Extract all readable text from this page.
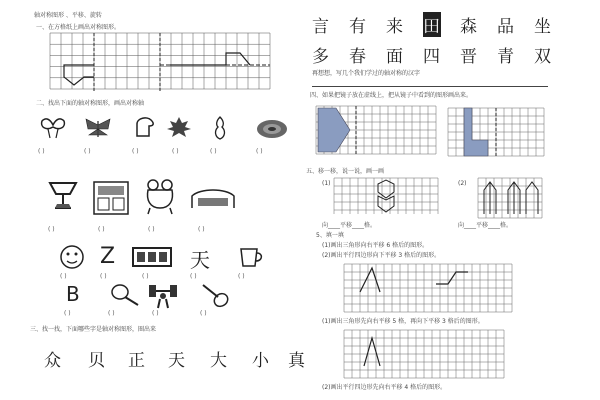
轴对称图形 、平移、旋转
一、在方格纸上画出对称图形。
二、找出下面的轴对称图形，画出对称轴
( )	( )	( )	( )	( )	( )
( )	( )	( )	( )
Z	天
( )	( )	( )	( )	( )
B
( )	( )	( )	( )
三、找一找，下面哪些字是轴对称图形，圈出来
众 贝 正 天 大 小 真
言 有 来 田 森 品 坐
多 春 面 四 晋 青 双
再想想，写几个我们学过的轴对称的汉字
四、如果把镜子放在虚线上，把从镜子中看到的图形画出来。
五、移一移，说一说，画一画
(1)	(2)
向____平移____格。	向____平移____格。
5、填一填
(1)画出三角形向右平移 6 格后的图形。
(2)画出平行四边形向下平移 3 格后的图形。
(1)画出三角形先向右平移 5 格，再向下平移 3 格后的图形。
(2)画出平行四边形先向右平移 4 格后的图形。
